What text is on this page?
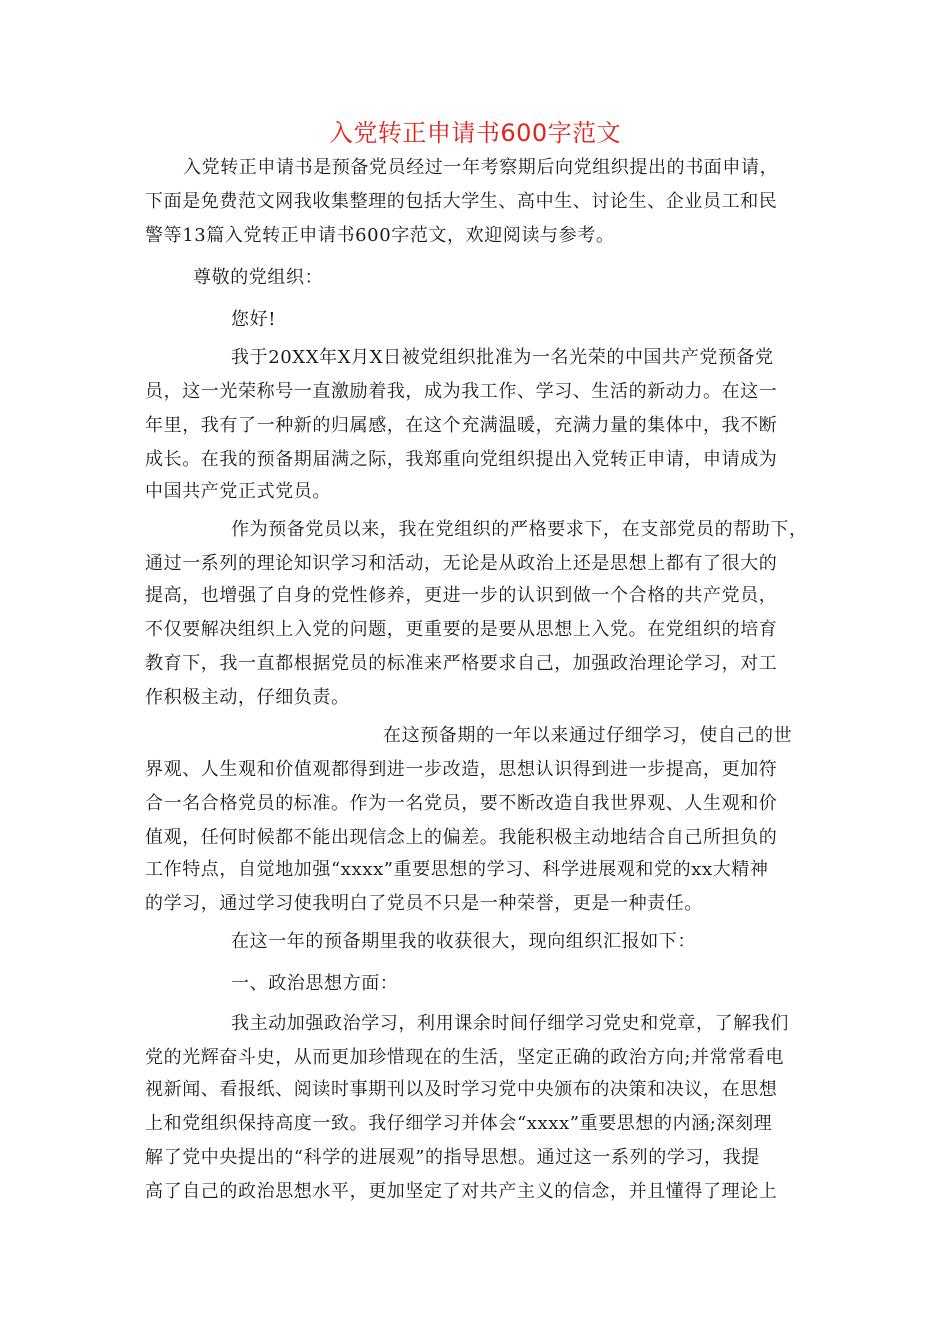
入党转正申请书600字范文
入党转正申请书是预备党员经过一年考察期后向党组织提出的书面申请，
下面是免费范文网我收集整理的包括大学生、高中生、讨论生、企业员工和民
警等13篇入党转正申请书600字范文，欢迎阅读与参考。
尊敬的党组织：
您好!
我于20XX年X月X日被党组织批准为一名光荣的中国共产党预备党
员，这一光荣称号一直激励着我，成为我工作、学习、生活的新动力。在这一
年里，我有了一种新的归属感，在这个充满温暖，充满力量的集体中，我不断
成长。在我的预备期届满之际，我郑重向党组织提出入党转正申请，申请成为
中国共产党正式党员。
作为预备党员以来，我在党组织的严格要求下，在支部党员的帮助下，
通过一系列的理论知识学习和活动，无论是从政治上还是思想上都有了很大的
提高，也增强了自身的党性修养，更进一步的认识到做一个合格的共产党员，
不仅要解决组织上入党的问题，更重要的是要从思想上入党。在党组织的培育
教育下，我一直都根据党员的标准来严格要求自己，加强政治理论学习，对工
作积极主动，仔细负责。
在这预备期的一年以来通过仔细学习，使自己的世
界观、人生观和价值观都得到进一步改造，思想认识得到进一步提高，更加符
合一名合格党员的标准。作为一名党员，要不断改造自我世界观、人生观和价
值观，任何时候都不能出现信念上的偏差。我能积极主动地结合自己所担负的
工作特点，自觉地加强“xxxx”重要思想的学习、科学进展观和党的xx大精神
的学习，通过学习使我明白了党员不只是一种荣誉，更是一种责任。
在这一年的预备期里我的收获很大，现向组织汇报如下：
一、政治思想方面：
我主动加强政治学习，利用课余时间仔细学习党史和党章，了解我们
党的光辉奋斗史，从而更加珍惜现在的生活，坚定正确的政治方向;并常常看电
视新闻、看报纸、阅读时事期刊以及时学习党中央颁布的决策和决议，在思想
上和党组织保持高度一致。我仔细学习并体会“xxxx”重要思想的内涵;深刻理
解了党中央提出的“科学的进展观”的指导思想。通过这一系列的学习，我提
高了自己的政治思想水平，更加坚定了对共产主义的信念，并且懂得了理论上
